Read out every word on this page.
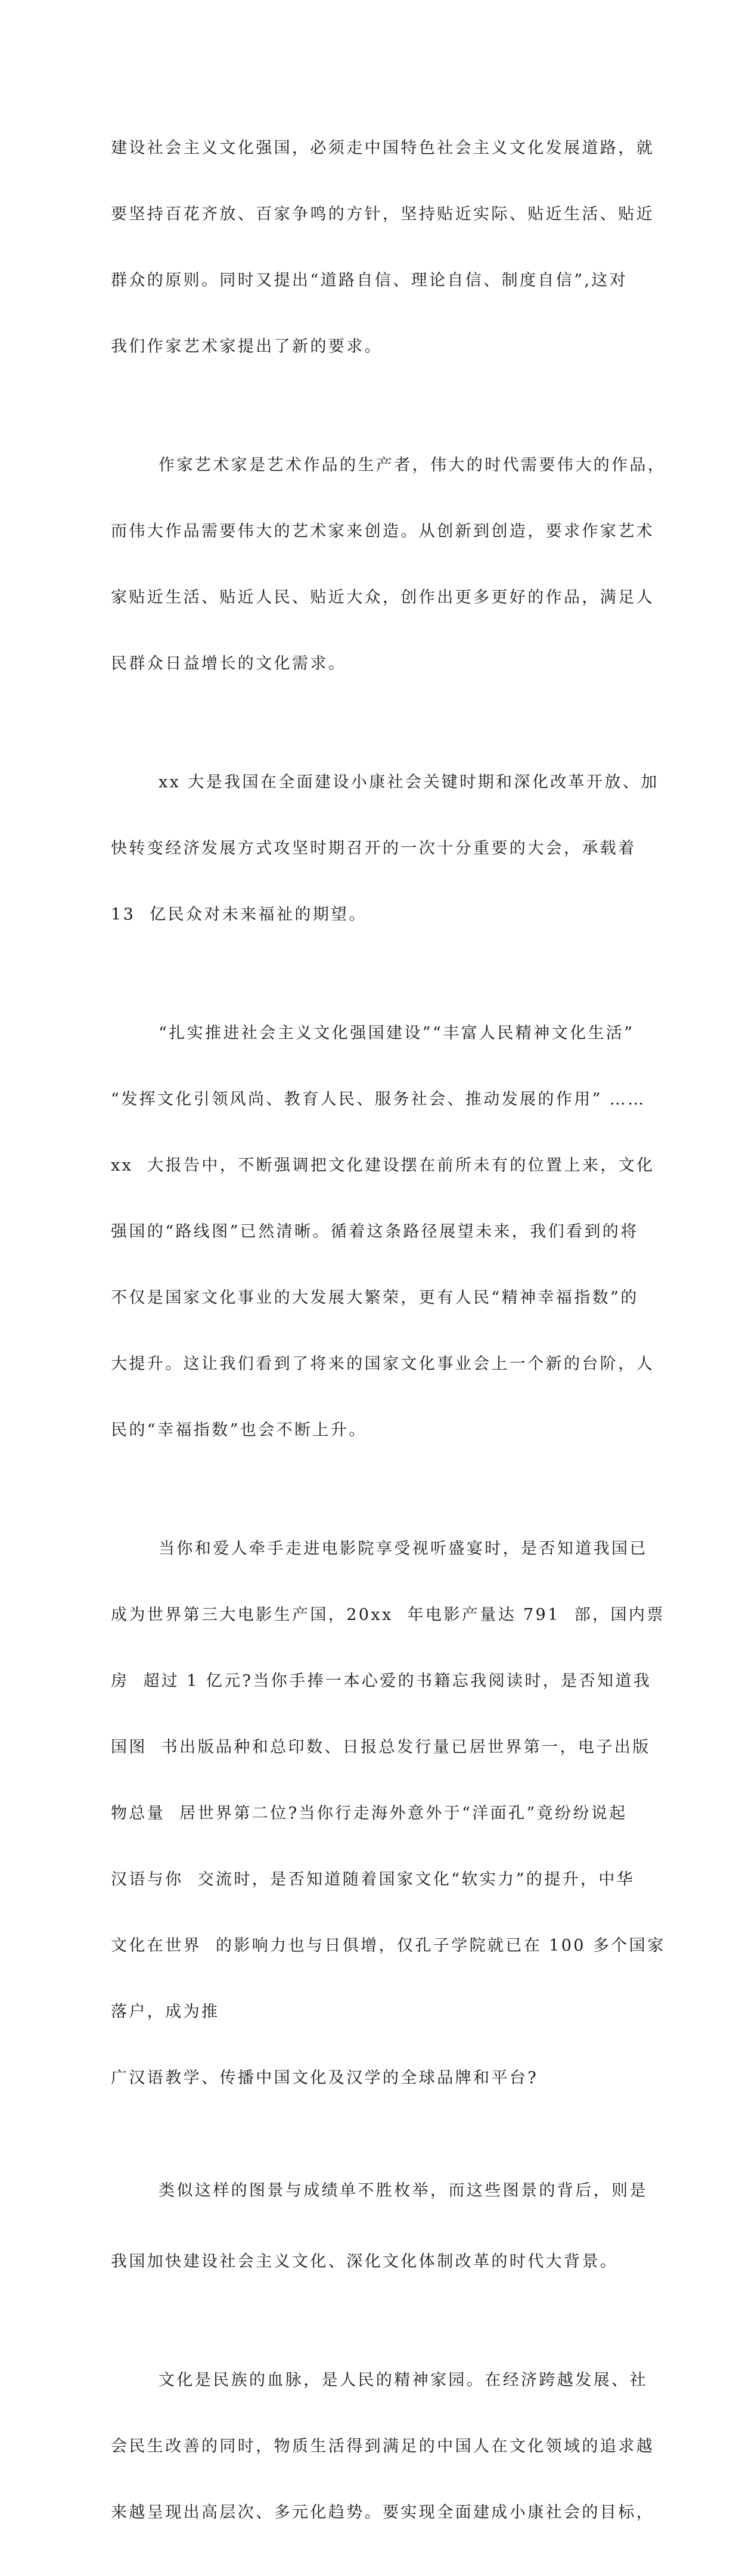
建设社会主义文化强国，必须走中国特色社会主义文化发展道路，就

要坚持百花齐放、百家争鸣的方针，坚持贴近实际、贴近生活、贴近

群众的原则。同时又提出“道路自信、理论自信、制度自信”,这对

我们作家艺术家提出了新的要求。

作家艺术家是艺术作品的生产者，伟大的时代需要伟大的作品，

而伟大作品需要伟大的艺术家来创造。从创新到创造，要求作家艺术

家贴近生活、贴近人民、贴近大众，创作出更多更好的作品，满足人

民群众日益增长的文化需求。

xx 大是我国在全面建设小康社会关键时期和深化改革开放、加

快转变经济发展方式攻坚时期召开的一次十分重要的大会，承载着

13  亿民众对未来福祉的期望。

“扎实推进社会主义文化强国建设”“丰富人民精神文化生活”

“发挥文化引领风尚、教育人民、服务社会、推动发展的作用” ……

xx  大报告中，不断强调把文化建设摆在前所未有的位置上来，文化

强国的“路线图”已然清晰。循着这条路径展望未来，我们看到的将

不仅是国家文化事业的大发展大繁荣，更有人民“精神幸福指数”的

大提升。这让我们看到了将来的国家文化事业会上一个新的台阶，人

民的“幸福指数”也会不断上升。

当你和爱人牵手走进电影院享受视听盛宴时，是否知道我国已

成为世界第三大电影生产国，20xx  年电影产量达 791  部，国内票

房  超过 1 亿元?当你手捧一本心爱的书籍忘我阅读时，是否知道我

国图  书出版品种和总印数、日报总发行量已居世界第一，电子出版

物总量  居世界第二位?当你行走海外意外于“洋面孔”竟纷纷说起

汉语与你  交流时，是否知道随着国家文化“软实力”的提升，中华

文化在世界  的影响力也与日俱增，仅孔子学院就已在 100 多个国家

落户，成为推

广汉语教学、传播中国文化及汉学的全球品牌和平台?

类似这样的图景与成绩单不胜枚举，而这些图景的背后，则是

我国加快建设社会主义文化、深化文化体制改革的时代大背景。

文化是民族的血脉，是人民的精神家园。在经济跨越发展、社

会民生改善的同时，物质生活得到满足的中国人在文化领域的追求越

来越呈现出高层次、多元化趋势。要实现全面建成小康社会的目标，
